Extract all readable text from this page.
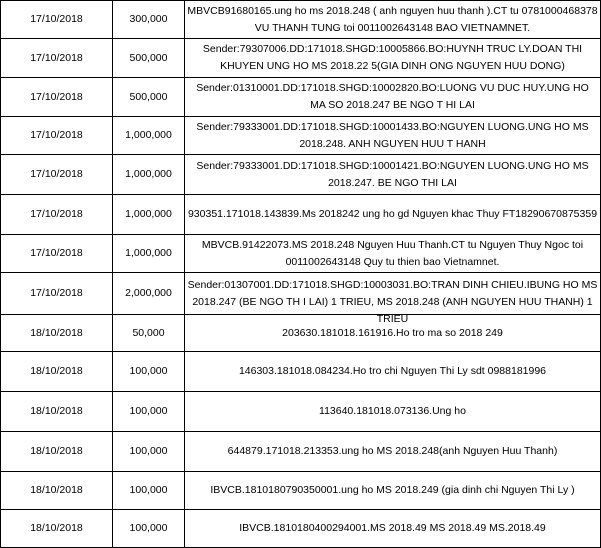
17/10/2018	300,000	MBVCB91680165.ung ho ms 2018.248 ( anh nguyen huu thanh ).CT tu 0781000468378 VU THANH TUNG toi 0011002643148 BAO VIETNAMNET.

17/10/2018	500,000	Sender:79307006.DD:171018.SHGD:10005866.BO:HUYNH TRUC LY.DOAN THI KHUYEN UNG HO MS 2018.22 5(GIA DINH ONG NGUYEN HUU DONG)

17/10/2018	500,000	Sender:01310001.DD:171018.SHGD:10002820.BO:LUONG VU DUC HUY.UNG HO MA SO 2018.247 BE NGO T HI LAI

17/10/2018	1,000,000	Sender:79333001.DD:171018.SHGD:10001433.BO:NGUYEN LUONG.UNG HO MS 2018.248. ANH NGUYEN HUU T HANH

17/10/2018	1,000,000	Sender:79333001.DD:171018.SHGD:10001421.BO:NGUYEN LUONG.UNG HO MS 2018.247. BE NGO THI LAI

17/10/2018	1,000,000	930351.171018.143839.Ms 2018242 ung ho gd Nguyen khac Thuy FT18290670875359

17/10/2018	1,000,000	MBVCB.91422073.MS 2018.248 Nguyen Huu Thanh.CT tu Nguyen Thuy Ngoc toi 0011002643148 Quy tu thien bao Vietnamnet.

17/10/2018	2,000,000	Sender:01307001.DD:171018.SHGD:10003031.BO:TRAN DINH CHIEU.IBUNG HO MS 2018.247 (BE NGO TH I LAI) 1 TRIEU, MS 2018.248 (ANH NGUYEN HUU THANH) 1 TRIEU

18/10/2018	50,000	203630.181018.161916.Ho tro ma so 2018 249

18/10/2018	100,000	146303.181018.084234.Ho tro chi Nguyen Thi Ly sdt 0988181996

18/10/2018	100,000	113640.181018.073136.Ung ho

18/10/2018	100,000	644879.171018.213353.ung ho MS 2018.248(anh Nguyen Huu Thanh)

18/10/2018	100,000	IBVCB.1810180790350001.ung ho MS 2018.249 (gia dinh chi Nguyen Thi Ly )

18/10/2018	100,000	IBVCB.1810180400294001.MS 2018.49 MS 2018.49 MS.2018.49
